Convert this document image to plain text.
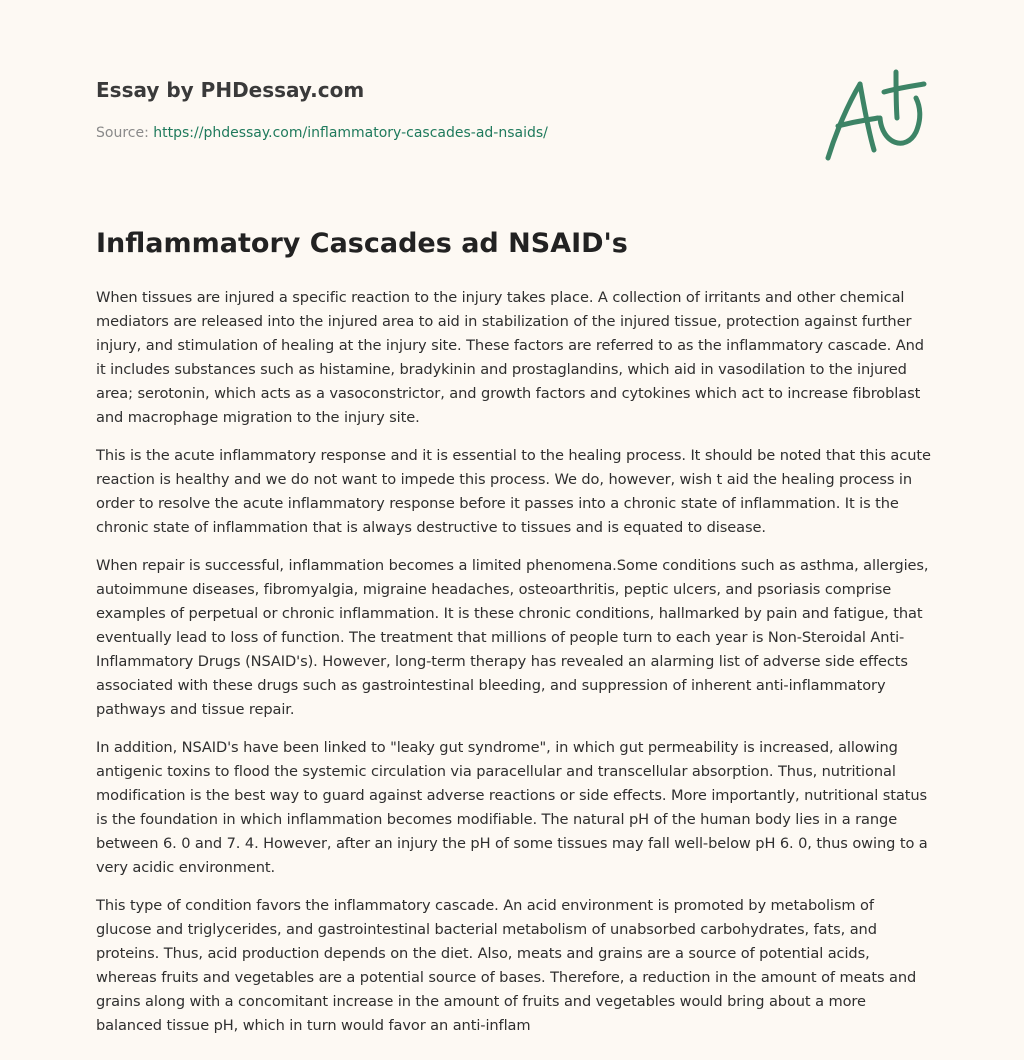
Essay by PHDessay.com
Source: https://phdessay.com/inflammatory-cascades-ad-nsaids/
Inflammatory Cascades ad NSAID's

When tissues are injured a specific reaction to the injury takes place. A collection of irritants and other chemical mediators are released into the injured area to aid in stabilization of the injured tissue, protection against further injury, and stimulation of healing at the injury site. These factors are referred to as the inflammatory cascade. And it includes substances such as histamine, bradykinin and prostaglandins, which aid in vasodilation to the injured area; serotonin, which acts as a vasoconstrictor, and growth factors and cytokines which act to increase fibroblast and macrophage migration to the injury site.

This is the acute inflammatory response and it is essential to the healing process. It should be noted that this acute reaction is healthy and we do not want to impede this process. We do, however, wish t aid the healing process in order to resolve the acute inflammatory response before it passes into a chronic state of inflammation. It is the chronic state of inflammation that is always destructive to tissues and is equated to disease.

When repair is successful, inflammation becomes a limited phenomena.Some conditions such as asthma, allergies, autoimmune diseases, fibromyalgia, migraine headaches, osteoarthritis, peptic ulcers, and psoriasis comprise examples of perpetual or chronic inflammation. It is these chronic conditions, hallmarked by pain and fatigue, that eventually lead to loss of function. The treatment that millions of people turn to each year is Non-Steroidal Anti-Inflammatory Drugs (NSAID's). However, long-term therapy has revealed an alarming list of adverse side effects associated with these drugs such as gastrointestinal bleeding, and suppression of inherent anti-inflammatory pathways and tissue repair.

In addition, NSAID's have been linked to "leaky gut syndrome", in which gut permeability is increased, allowing antigenic toxins to flood the systemic circulation via paracellular and transcellular absorption. Thus, nutritional modification is the best way to guard against adverse reactions or side effects. More importantly, nutritional status is the foundation in which inflammation becomes modifiable. The natural pH of the human body lies in a range between 6. 0 and 7. 4. However, after an injury the pH of some tissues may fall well-below pH 6. 0, thus owing to a very acidic environment.

This type of condition favors the inflammatory cascade. An acid environment is promoted by metabolism of glucose and triglycerides, and gastrointestinal bacterial metabolism of unabsorbed carbohydrates, fats, and proteins. Thus, acid production depends on the diet. Also, meats and grains are a source of potential acids, whereas fruits and vegetables are a potential source of bases. Therefore, a reduction in the amount of meats and grains along with a concomitant increase in the amount of fruits and vegetables would bring about a more balanced tissue pH, which in turn would favor an anti-inflam
